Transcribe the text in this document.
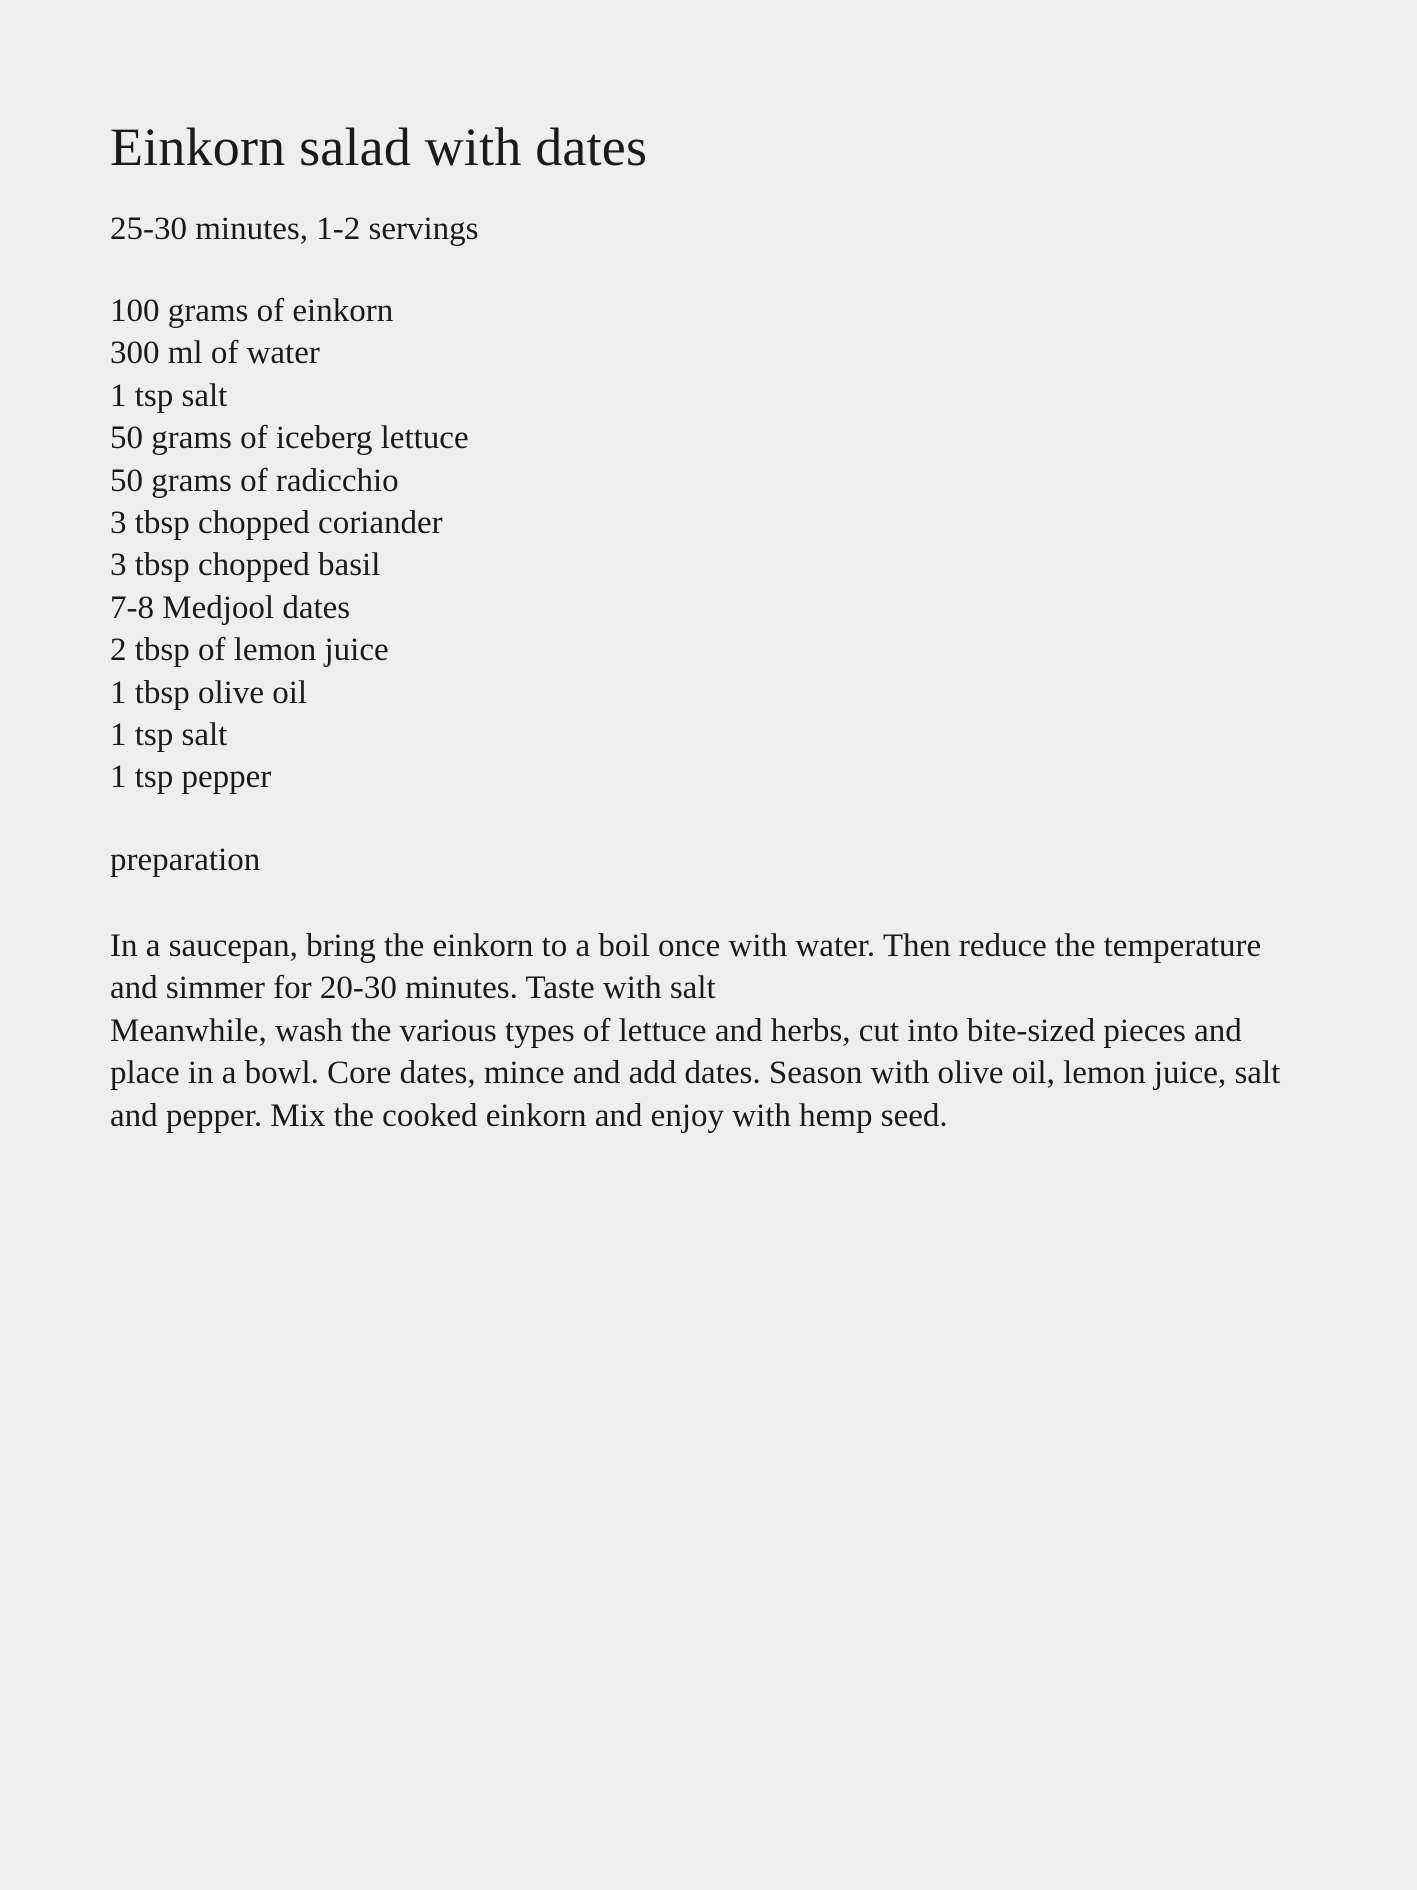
Einkorn salad with dates
25-30 minutes, 1-2 servings
100 grams of einkorn
300 ml of water
1 tsp salt
50 grams of iceberg lettuce
50 grams of radicchio
3 tbsp chopped coriander
3 tbsp chopped basil
7-8 Medjool dates
2 tbsp of lemon juice
1 tbsp olive oil
1 tsp salt
1 tsp pepper
preparation

In a saucepan, bring the einkorn to a boil once with water. Then reduce the temperature and simmer for 20-30 minutes. Taste with salt

Meanwhile, wash the various types of lettuce and herbs, cut into bite-sized pieces and place in a bowl. Core dates, mince and add dates. Season with olive oil, lemon juice, salt and pepper. Mix the cooked einkorn and enjoy with hemp seed.
